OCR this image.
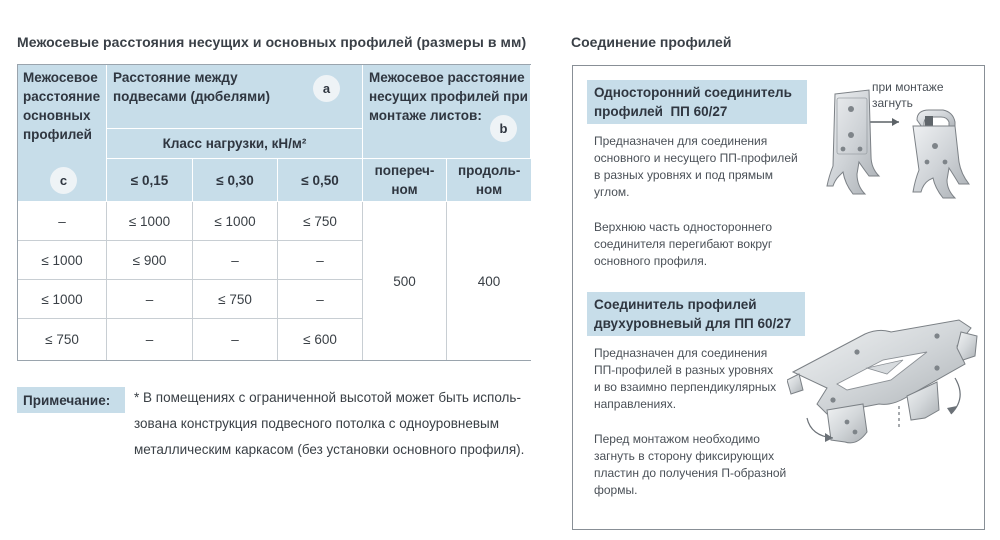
Межосевые расстояния несущих и основных профилей (размеры в мм)
Межосевое расстояние основных профилей
c
Расстояние между подвесами (дюбелями)
a
Класс нагрузки, кН/м²
≤ 0,15	≤ 0,30	≤ 0,50
Межосевое расстояние несущих профилей при монтаже листов:
b
попереч-ном
продоль-ном
–	≤ 1000	≤ 1000	≤ 750
≤ 1000	≤ 900	–	–
≤ 1000	–	≤ 750	–
≤ 750	–	–	≤ 600
500	400
Примечание:	* В помещениях с ограниченной высотой может быть исполь-
зована конструкция подвесного потолка с одноуровневым
металлическим каркасом (без установки основного профиля).
Соединение профилей
Односторонний соединитель
профилей  ПП 60/27
при монтаже
загнуть

Предназначен для соединения

основного и несущего ПП-профилей

в разных уровнях и под прямым

углом.

Верхнюю часть одностороннего

соединителя перегибают вокруг

основного профиля.

Соединитель профилей
двухуровневый для ПП 60/27

Предназначен для соединения

ПП-профилей в разных уровнях

и во взаимно перпендикулярных

направлениях.

Перед монтажом необходимо

загнуть в сторону фиксирующих

пластин до получения П-образной

формы.
